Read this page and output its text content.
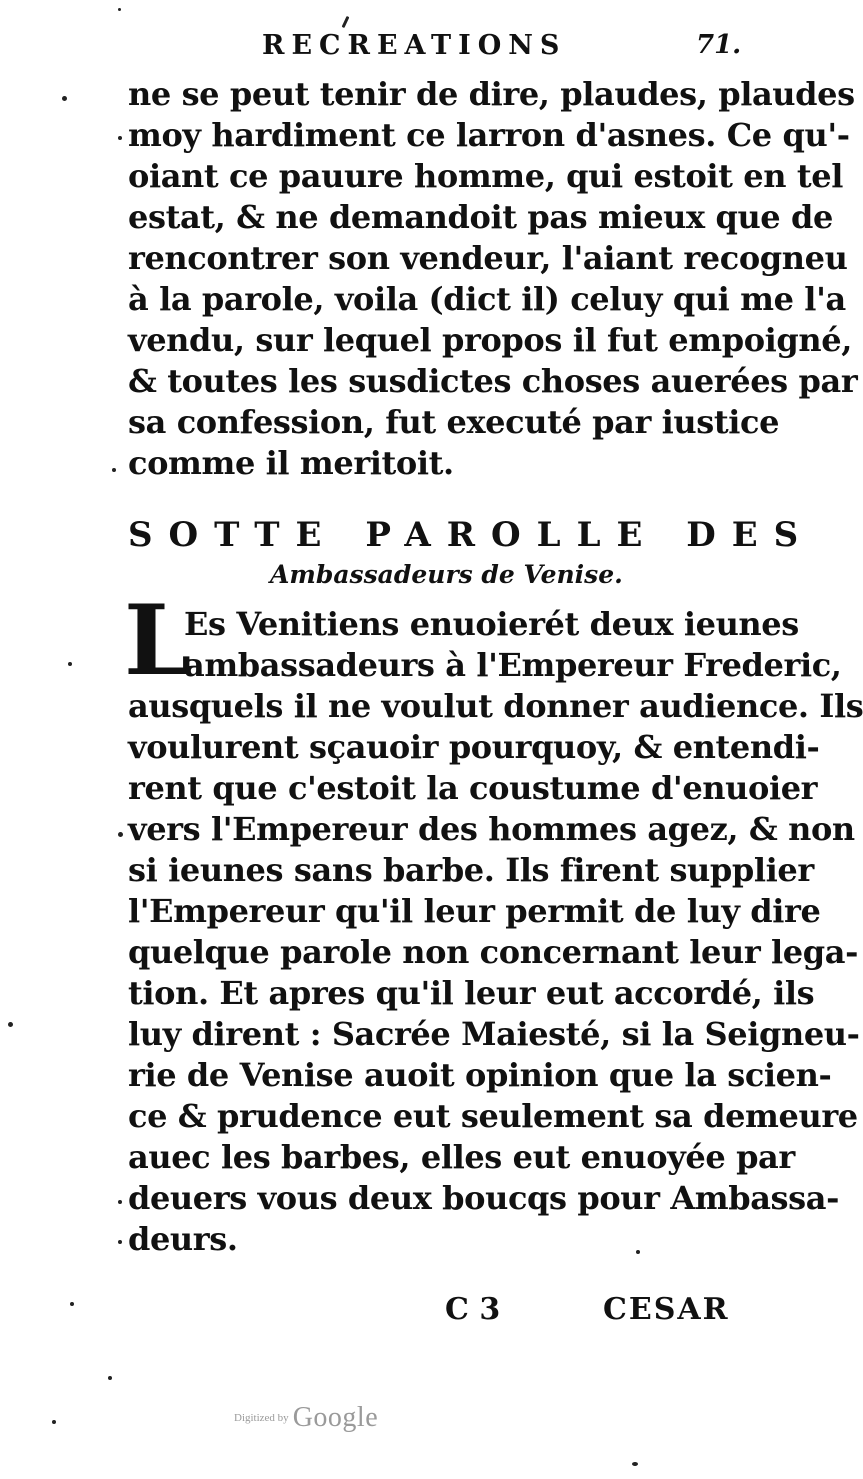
RECREATIONS	71.
ne se peut tenir de dire, plaudes, plaudes
moy hardiment ce larron d'asnes. Ce qu'-
oiant ce pauure homme, qui estoit en tel
estat, & ne demandoit pas mieux que de
rencontrer son vendeur, l'aiant recogneu
à la parole, voila (dict il) celuy qui me l'a
vendu, sur lequel propos il fut empoigné,
& toutes les susdictes choses auerées par
sa confession, fut executé par iustice
comme il meritoit.
SOTTE PAROLLE DES
Ambassadeurs de Venise.
L
Es Venitiens enuoierét deux ieunes
ambassadeurs à l'Empereur Frederic,
ausquels il ne voulut donner audience. Ils
voulurent sçauoir pourquoy, & entendi-
rent que c'estoit la coustume d'enuoier
vers l'Empereur des hommes agez, & non
si ieunes sans barbe. Ils firent supplier
l'Empereur qu'il leur permit de luy dire
quelque parole non concernant leur lega-
tion. Et apres qu'il leur eut accordé, ils
luy dirent : Sacrée Maiesté, si la Seigneu-
rie de Venise auoit opinion que la scien-
ce & prudence eut seulement sa demeure
auec les barbes, elles eut enuoyée par
deuers vous deux boucqs pour Ambassa-
deurs.
C 3	CESAR
Digitized by Google
